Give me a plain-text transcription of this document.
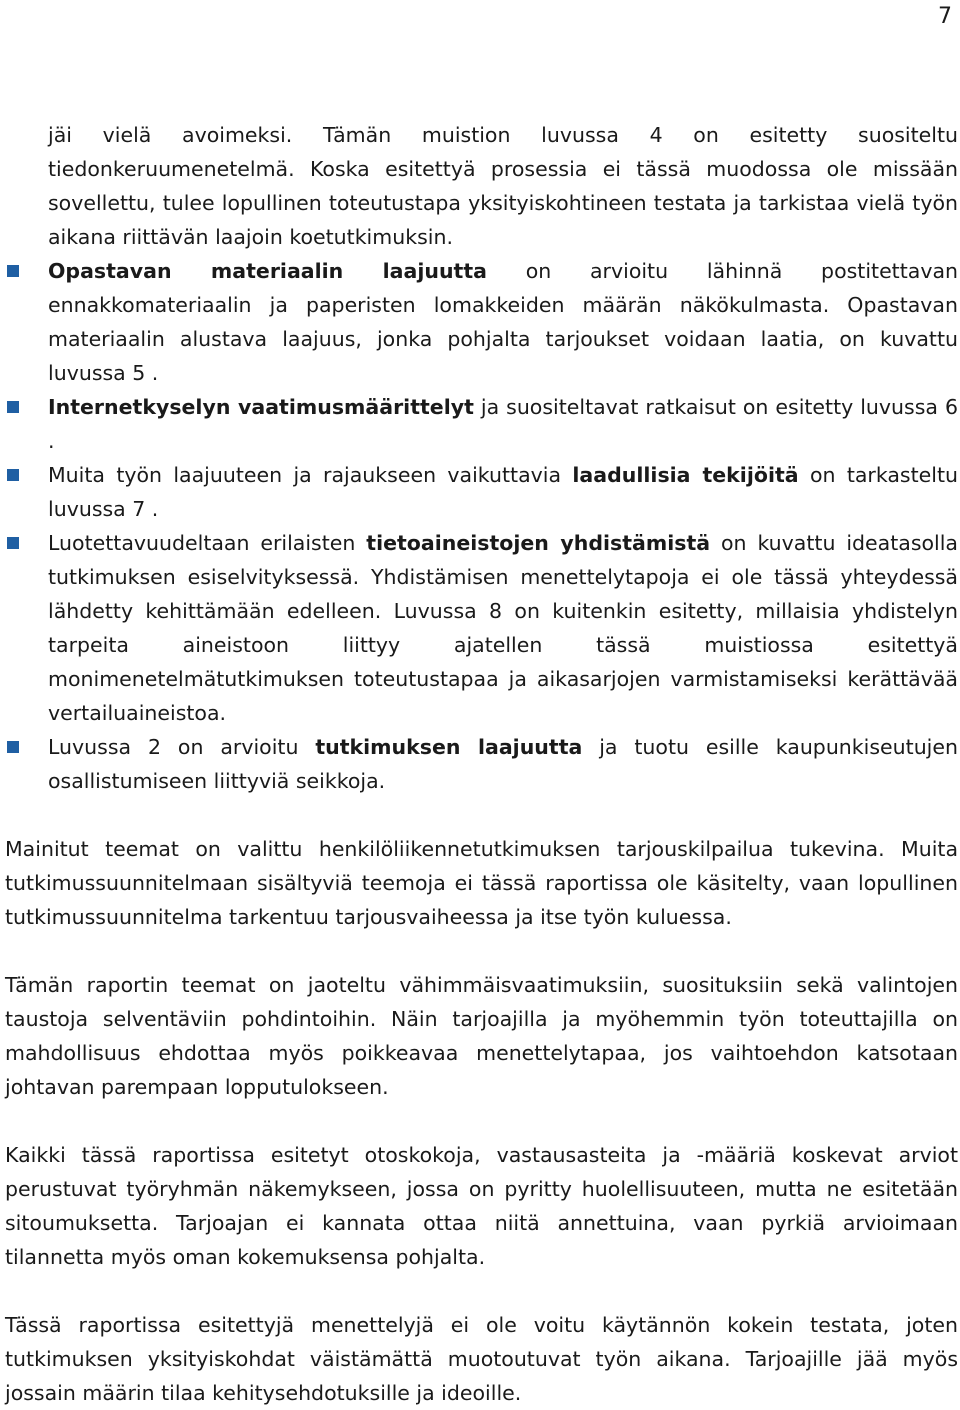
7

jäi vielä avoimeksi. Tämän muistion luvussa 4 on esitetty suositeltu tiedonkeruumenetelmä. Koska esitettyä prosessia ei tässä muodossa ole missään sovellettu, tulee lopullinen toteutustapa yksityiskohtineen testata ja tarkistaa vielä työn aikana riittävän laajoin koetutkimuksin.

Opastavan materiaalin laajuutta on arvioitu lähinnä postitettavan ennakkomateriaalin ja paperisten lomakkeiden määrän näkökulmasta. Opastavan materiaalin alustava laajuus, jonka pohjalta tarjoukset voidaan laatia, on kuvattu luvussa 5 .
Internetkyselyn vaatimusmäärittelyt ja suositeltavat ratkaisut on esitetty luvussa 6 .
Muita työn laajuuteen ja rajaukseen vaikuttavia laadullisia tekijöitä on tarkasteltu luvussa 7 .
Luotettavuudeltaan erilaisten tietoaineistojen yhdistämistä on kuvattu ideatasolla tutkimuksen esiselvityksessä. Yhdistämisen menettelytapoja ei ole tässä yhteydessä lähdetty kehittämään edelleen. Luvussa 8 on kuitenkin esitetty, millaisia yhdistelyn tarpeita aineistoon liittyy ajatellen tässä muistiossa esitettyä monimenetelmätutkimuksen toteutustapaa ja aikasarjojen varmistamiseksi kerättävää vertailuaineistoa.
Luvussa 2 on arvioitu tutkimuksen laajuutta ja tuotu esille kaupunkiseutujen osallistumiseen liittyviä seikkoja.

Mainitut teemat on valittu henkilöliikennetutkimuksen tarjouskilpailua tukevina. Muita tutkimussuunnitelmaan sisältyviä teemoja ei tässä raportissa ole käsitelty, vaan lopullinen tutkimussuunnitelma tarkentuu tarjousvaiheessa ja itse työn kuluessa.

Tämän raportin teemat on jaoteltu vähimmäisvaatimuksiin, suosituksiin sekä valintojen taustoja selventäviin pohdintoihin. Näin tarjoajilla ja myöhemmin työn toteuttajilla on mahdollisuus ehdottaa myös poikkeavaa menettelytapaa, jos vaihtoehdon katsotaan johtavan parempaan lopputulokseen.

Kaikki tässä raportissa esitetyt otoskokoja, vastausasteita ja -määriä koskevat arviot perustuvat työryhmän näkemykseen, jossa on pyritty huolellisuuteen, mutta ne esitetään sitoumuksetta. Tarjoajan ei kannata ottaa niitä annettuina, vaan pyrkiä arvioimaan tilannetta myös oman kokemuksensa pohjalta.

Tässä raportissa esitettyjä menettelyjä ei ole voitu käytännön kokein testata, joten tutkimuksen yksityiskohdat väistämättä muotoutuvat työn aikana. Tarjoajille jää myös jossain määrin tilaa kehitysehdotuksille ja ideoille.
